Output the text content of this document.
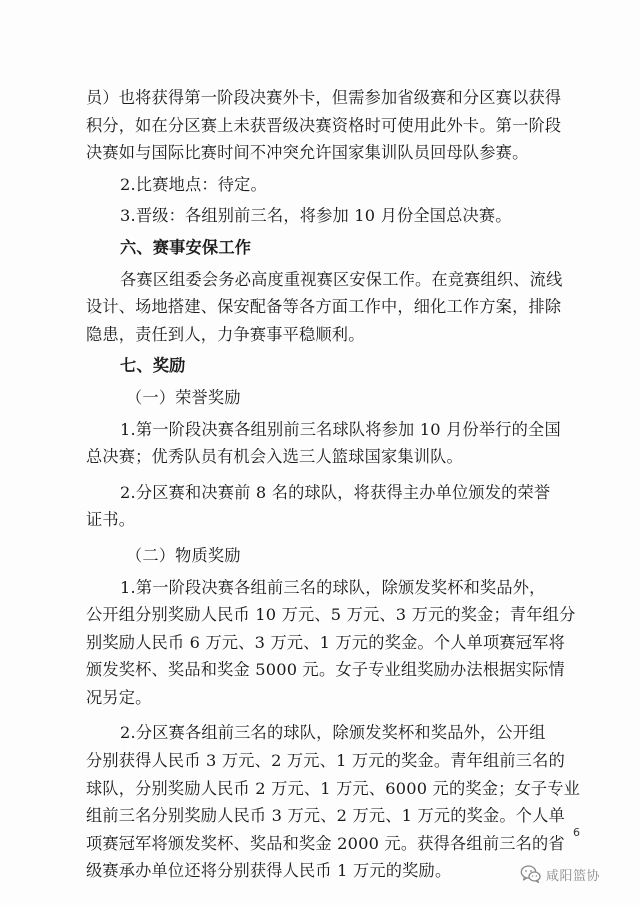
员）也将获得第一阶段决赛外卡，但需参加省级赛和分区赛以获得
积分，如在分区赛上未获晋级决赛资格时可使用此外卡。第一阶段
决赛如与国际比赛时间不冲突允许国家集训队员回母队参赛。
2.比赛地点：待定。
3.晋级：各组别前三名，将参加 10 月份全国总决赛。
六、赛事安保工作
各赛区组委会务必高度重视赛区安保工作。在竞赛组织、流线
设计、场地搭建、保安配备等各方面工作中，细化工作方案，排除
隐患，责任到人，力争赛事平稳顺利。
七、奖励
（一）荣誉奖励
1.第一阶段决赛各组别前三名球队将参加 10 月份举行的全国
总决赛；优秀队员有机会入选三人篮球国家集训队。
2.分区赛和决赛前 8 名的球队，将获得主办单位颁发的荣誉
证书。
（二）物质奖励
1.第一阶段决赛各组前三名的球队，除颁发奖杯和奖品外，
公开组分别奖励人民币 10 万元、5 万元、3 万元的奖金；青年组分
别奖励人民币 6 万元、3 万元、1 万元的奖金。个人单项赛冠军将
颁发奖杯、奖品和奖金 5000 元。女子专业组奖励办法根据实际情
况另定。
2.分区赛各组前三名的球队，除颁发奖杯和奖品外，公开组
分别获得人民币 3 万元、2 万元、1 万元的奖金。青年组前三名的
球队，分别奖励人民币 2 万元、1 万元、6000 元的奖金；女子专业
组前三名分别奖励人民币 3 万元、2 万元、1 万元的奖金。个人单
项赛冠军将颁发奖杯、奖品和奖金 2000 元。获得各组前三名的省
级赛承办单位还将分别获得人民币 1 万元的奖励。
6
咸阳篮协
